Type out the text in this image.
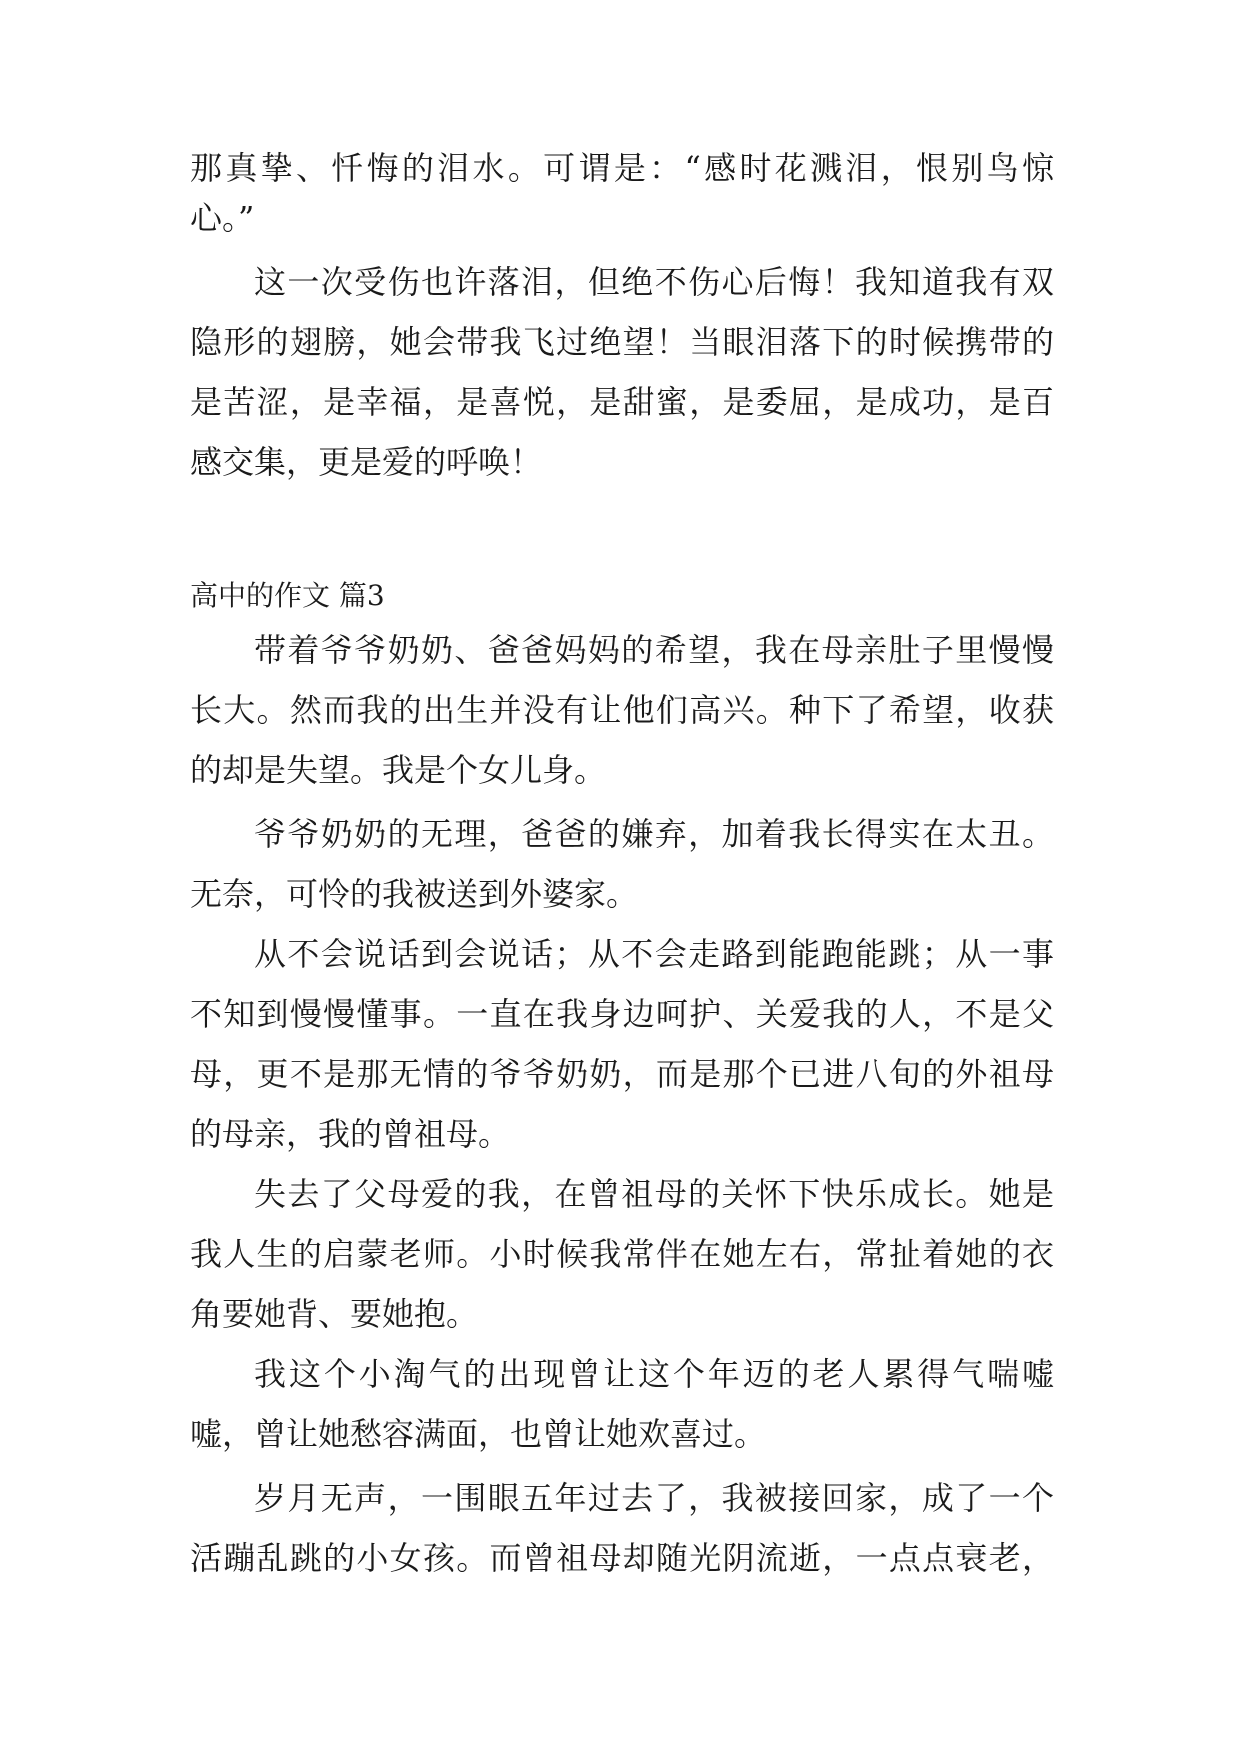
那真挚、忏悔的泪水。可谓是：“感时花溅泪，恨别鸟惊
心。”
这一次受伤也许落泪，但绝不伤心后悔！我知道我有双
隐形的翅膀，她会带我飞过绝望！当眼泪落下的时候携带的
是苦涩，是幸福，是喜悦，是甜蜜，是委屈，是成功，是百
感交集，更是爱的呼唤！
高中的作文 篇3
带着爷爷奶奶、爸爸妈妈的希望，我在母亲肚子里慢慢
长大。然而我的出生并没有让他们高兴。种下了希望，收获
的却是失望。我是个女儿身。
爷爷奶奶的无理，爸爸的嫌弃，加着我长得实在太丑。
无奈，可怜的我被送到外婆家。
从不会说话到会说话；从不会走路到能跑能跳；从一事
不知到慢慢懂事。一直在我身边呵护、关爱我的人，不是父
母，更不是那无情的爷爷奶奶，而是那个已进八旬的外祖母
的母亲，我的曾祖母。
失去了父母爱的我，在曾祖母的关怀下快乐成长。她是
我人生的启蒙老师。小时候我常伴在她左右，常扯着她的衣
角要她背、要她抱。
我这个小淘气的出现曾让这个年迈的老人累得气喘嘘
嘘，曾让她愁容满面，也曾让她欢喜过。
岁月无声，一围眼五年过去了，我被接回家，成了一个
活蹦乱跳的小女孩。而曾祖母却随光阴流逝，一点点衰老，
